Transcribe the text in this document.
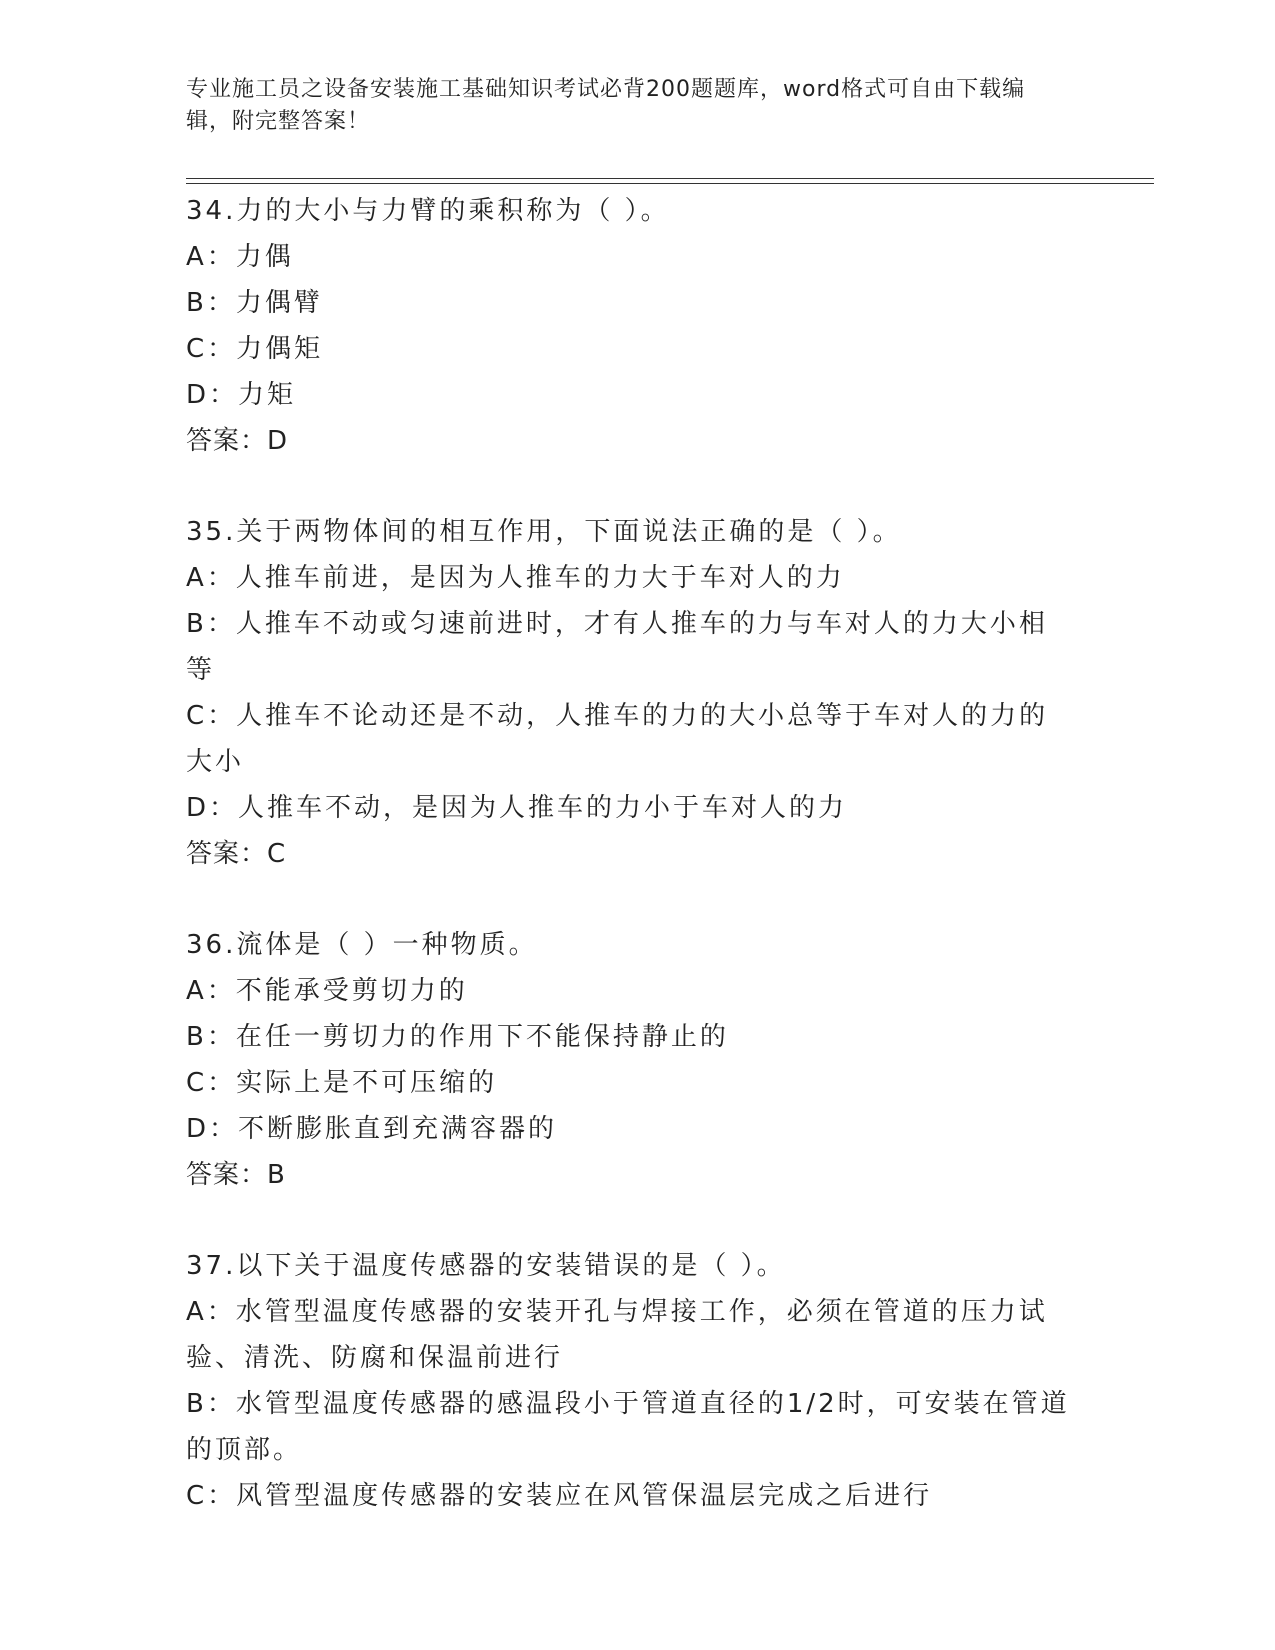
专业施工员之设备安装施工基础知识考试必背200题题库，word格式可自由下载编辑，附完整答案！
34.力的大小与力臂的乘积称为（ ）。
A：力偶
B：力偶臂
C：力偶矩
D：力矩
答案：D
35.关于两物体间的相互作用，下面说法正确的是（ ）。
A：人推车前进，是因为人推车的力大于车对人的力
B：人推车不动或匀速前进时，才有人推车的力与车对人的力大小相等
C：人推车不论动还是不动，人推车的力的大小总等于车对人的力的大小
D：人推车不动，是因为人推车的力小于车对人的力
答案：C
36.流体是（ ）一种物质。
A：不能承受剪切力的
B：在任一剪切力的作用下不能保持静止的
C：实际上是不可压缩的
D：不断膨胀直到充满容器的
答案：B
37.以下关于温度传感器的安装错误的是（ ）。
A：水管型温度传感器的安装开孔与焊接工作，必须在管道的压力试验、清洗、防腐和保温前进行
B：水管型温度传感器的感温段小于管道直径的1/2时，可安装在管道的顶部。
C：风管型温度传感器的安装应在风管保温层完成之后进行
